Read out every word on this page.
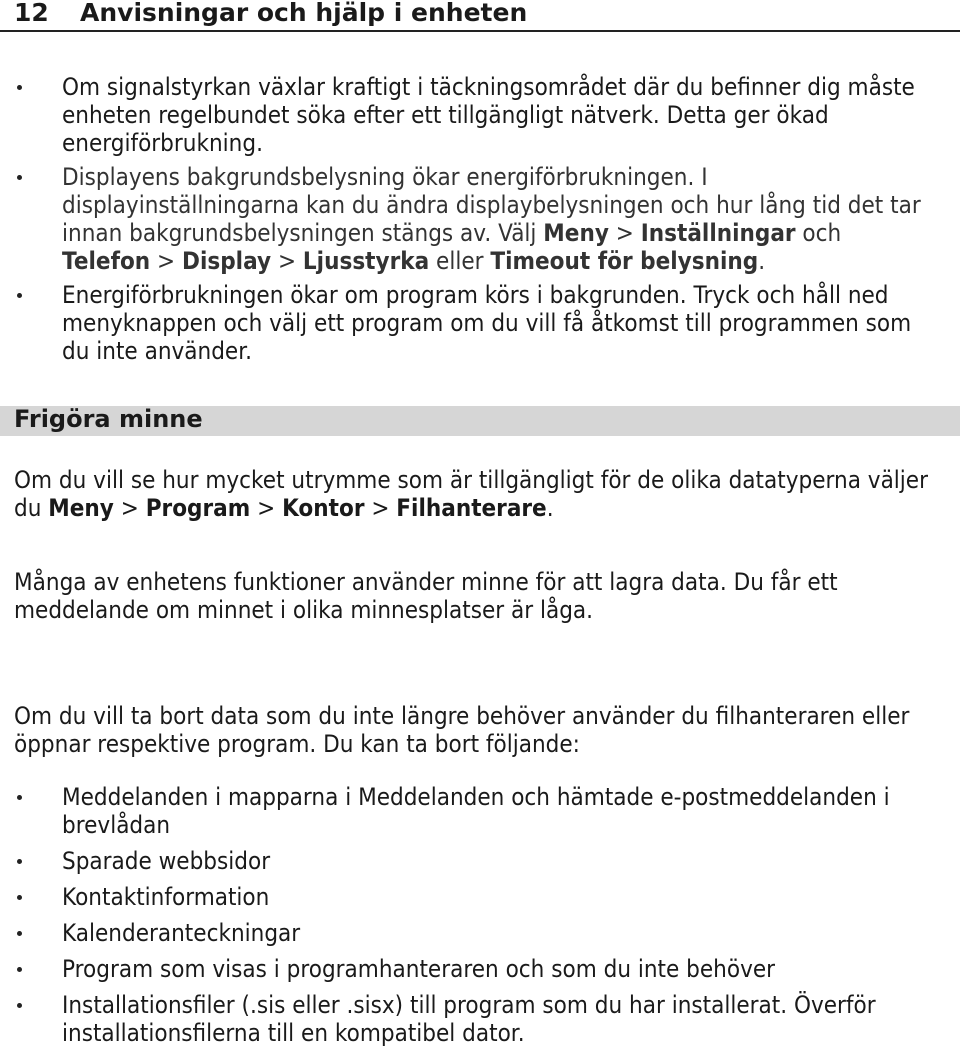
12 Anvisningar och hjälp i enheten
Om signalstyrkan växlar kraftigt i täckningsområdet där du befinner dig måste
enheten regelbundet söka efter ett tillgängligt nätverk. Detta ger ökad
energiförbrukning.
Displayens bakgrundsbelysning ökar energiförbrukningen. I
displayinställningarna kan du ändra displaybelysningen och hur lång tid det tar
innan bakgrundsbelysningen stängs av. Välj Meny > Inställningar och
Telefon > Display > Ljusstyrka eller Timeout för belysning.
Energiförbrukningen ökar om program körs i bakgrunden. Tryck och håll ned
menyknappen och välj ett program om du vill få åtkomst till programmen som
du inte använder.
Frigöra minne
Om du vill se hur mycket utrymme som är tillgängligt för de olika datatyperna väljer
du Meny > Program > Kontor > Filhanterare.
Många av enhetens funktioner använder minne för att lagra data. Du får ett
meddelande om minnet i olika minnesplatser är låga.
Om du vill ta bort data som du inte längre behöver använder du filhanteraren eller
öppnar respektive program. Du kan ta bort följande:
Meddelanden i mapparna i Meddelanden och hämtade e-postmeddelanden i
brevlådan
Sparade webbsidor
Kontaktinformation
Kalenderanteckningar
Program som visas i programhanteraren och som du inte behöver
Installationsfiler (.sis eller .sisx) till program som du har installerat. Överför
installationsfilerna till en kompatibel dator.
